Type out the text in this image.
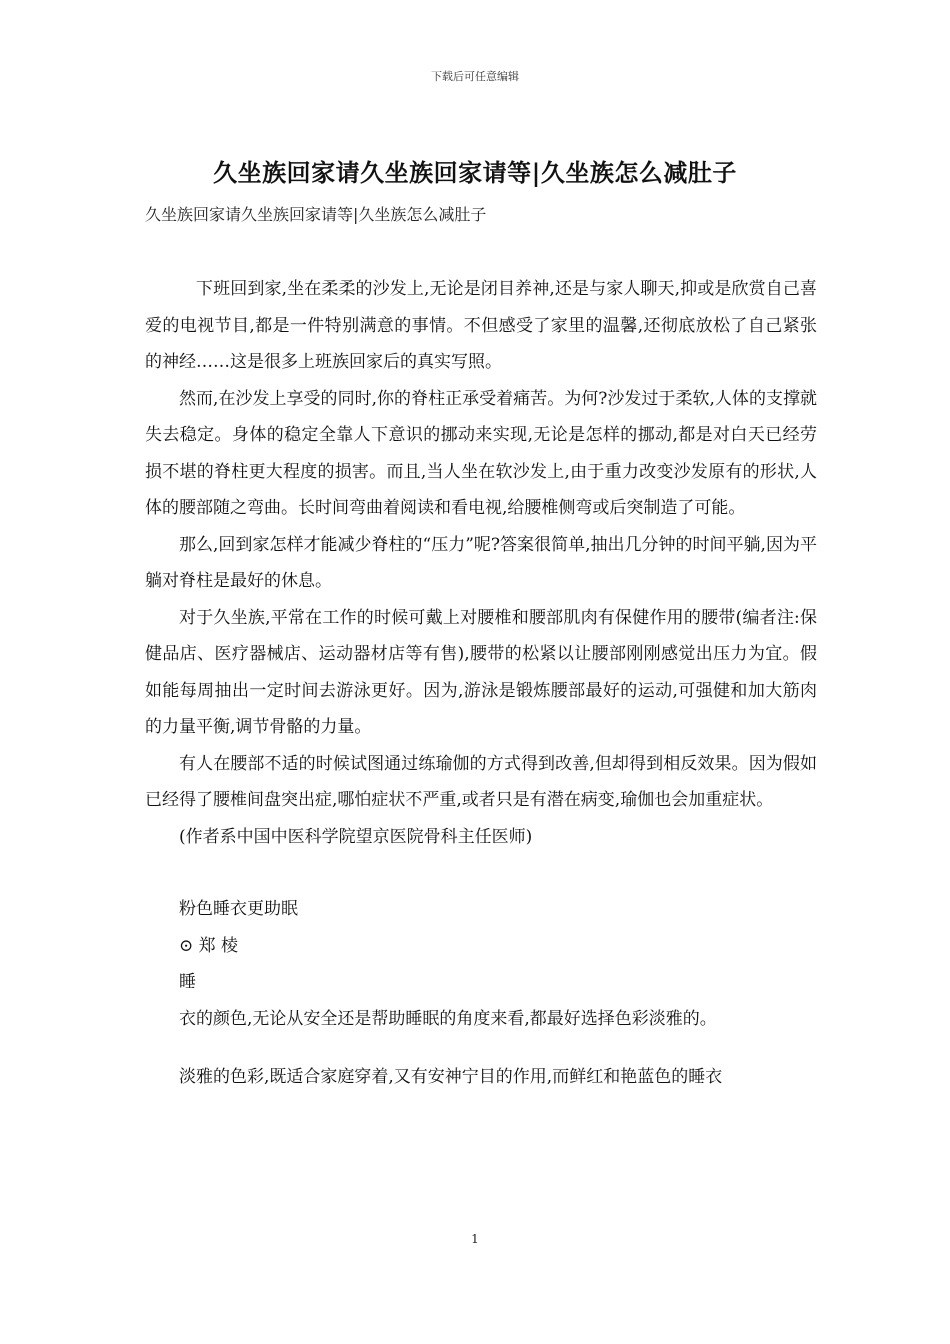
下载后可任意编辑
久坐族回家请久坐族回家请等|久坐族怎么减肚子
久坐族回家请久坐族回家请等|久坐族怎么减肚子

下班回到家,坐在柔柔的沙发上,无论是闭目养神,还是与家人聊天,抑或是欣赏自己喜爱的电视节目,都是一件特别满意的事情。不但感受了家里的温馨,还彻底放松了自己紧张的神经……这是很多上班族回家后的真实写照。

然而,在沙发上享受的同时,你的脊柱正承受着痛苦。为何?沙发过于柔软,人体的支撑就失去稳定。身体的稳定全靠人下意识的挪动来实现,无论是怎样的挪动,都是对白天已经劳损不堪的脊柱更大程度的损害。而且,当人坐在软沙发上,由于重力改变沙发原有的形状,人体的腰部随之弯曲。长时间弯曲着阅读和看电视,给腰椎侧弯或后突制造了可能。

那么,回到家怎样才能减少脊柱的“压力”呢?答案很简单,抽出几分钟的时间平躺,因为平躺对脊柱是最好的休息。

对于久坐族,平常在工作的时候可戴上对腰椎和腰部肌肉有保健作用的腰带(编者注:保健品店、医疗器械店、运动器材店等有售),腰带的松紧以让腰部刚刚感觉出压力为宜。假如能每周抽出一定时间去游泳更好。因为,游泳是锻炼腰部最好的运动,可强健和加大筋肉的力量平衡,调节骨骼的力量。

有人在腰部不适的时候试图通过练瑜伽的方式得到改善,但却得到相反效果。因为假如已经得了腰椎间盘突出症,哪怕症状不严重,或者只是有潜在病变,瑜伽也会加重症状。

(作者系中国中医科学院望京医院骨科主任医师)

粉色睡衣更助眠

⊙ 郑 棱

睡

衣的颜色,无论从安全还是帮助睡眠的角度来看,都最好选择色彩淡雅的。

淡雅的色彩,既适合家庭穿着,又有安神宁目的作用,而鲜红和艳蓝色的睡衣

1
